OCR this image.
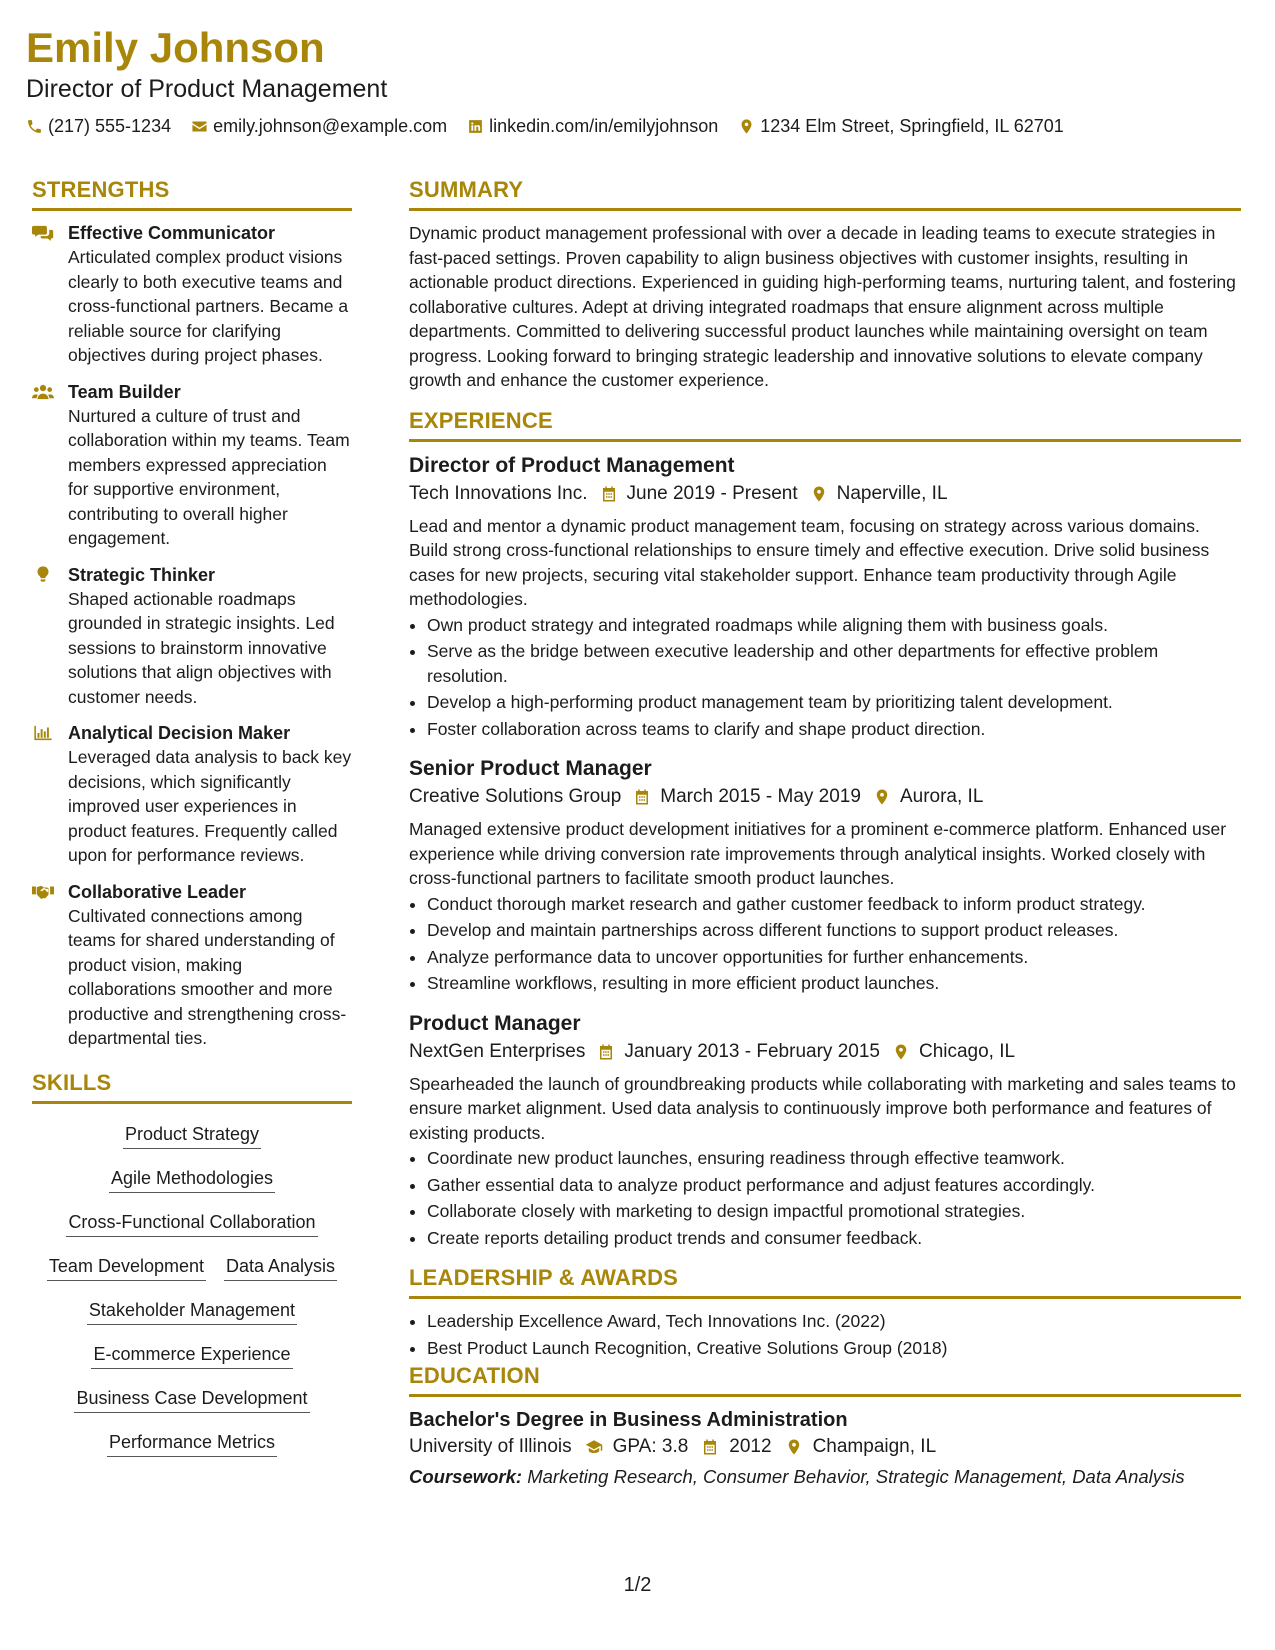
Emily Johnson
Director of Product Management
(217) 555-1234 emily.johnson@example.com linkedin.com/in/emilyjohnson 1234 Elm Street, Springfield, IL 62701
STRENGTHS
Effective Communicator
Articulated complex product visions clearly to both executive teams and cross-functional partners. Became a reliable source for clarifying objectives during project phases.
Team Builder
Nurtured a culture of trust and collaboration within my teams. Team members expressed appreciation for supportive environment, contributing to overall higher engagement.
Strategic Thinker
Shaped actionable roadmaps grounded in strategic insights. Led sessions to brainstorm innovative solutions that align objectives with customer needs.
Analytical Decision Maker
Leveraged data analysis to back key decisions, which significantly improved user experiences in product features. Frequently called upon for performance reviews.
Collaborative Leader
Cultivated connections among teams for shared understanding of product vision, making collaborations smoother and more productive and strengthening cross-departmental ties.
SKILLS
Product Strategy
Agile Methodologies
Cross-Functional Collaboration
Team Development Data Analysis
Stakeholder Management
E-commerce Experience
Business Case Development
Performance Metrics
SUMMARY
Dynamic product management professional with over a decade in leading teams to execute strategies in fast-paced settings. Proven capability to align business objectives with customer insights, resulting in actionable product directions. Experienced in guiding high-performing teams, nurturing talent, and fostering collaborative cultures. Adept at driving integrated roadmaps that ensure alignment across multiple departments. Committed to delivering successful product launches while maintaining oversight on team progress. Looking forward to bringing strategic leadership and innovative solutions to elevate company growth and enhance the customer experience.
EXPERIENCE
Director of Product Management
Tech Innovations Inc. June 2019 - Present Naperville, IL
Lead and mentor a dynamic product management team, focusing on strategy across various domains. Build strong cross-functional relationships to ensure timely and effective execution. Drive solid business cases for new projects, securing vital stakeholder support. Enhance team productivity through Agile methodologies.
• Own product strategy and integrated roadmaps while aligning them with business goals.
• Serve as the bridge between executive leadership and other departments for effective problem resolution.
• Develop a high-performing product management team by prioritizing talent development.
• Foster collaboration across teams to clarify and shape product direction.
Senior Product Manager
Creative Solutions Group March 2015 - May 2019 Aurora, IL
Managed extensive product development initiatives for a prominent e-commerce platform. Enhanced user experience while driving conversion rate improvements through analytical insights. Worked closely with cross-functional partners to facilitate smooth product launches.
• Conduct thorough market research and gather customer feedback to inform product strategy.
• Develop and maintain partnerships across different functions to support product releases.
• Analyze performance data to uncover opportunities for further enhancements.
• Streamline workflows, resulting in more efficient product launches.
Product Manager
NextGen Enterprises January 2013 - February 2015 Chicago, IL
Spearheaded the launch of groundbreaking products while collaborating with marketing and sales teams to ensure market alignment. Used data analysis to continuously improve both performance and features of existing products.
• Coordinate new product launches, ensuring readiness through effective teamwork.
• Gather essential data to analyze product performance and adjust features accordingly.
• Collaborate closely with marketing to design impactful promotional strategies.
• Create reports detailing product trends and consumer feedback.
LEADERSHIP & AWARDS
• Leadership Excellence Award, Tech Innovations Inc. (2022)
• Best Product Launch Recognition, Creative Solutions Group (2018)
EDUCATION
Bachelor's Degree in Business Administration
University of Illinois GPA: 3.8 2012 Champaign, IL
Coursework: Marketing Research, Consumer Behavior, Strategic Management, Data Analysis
1/2
